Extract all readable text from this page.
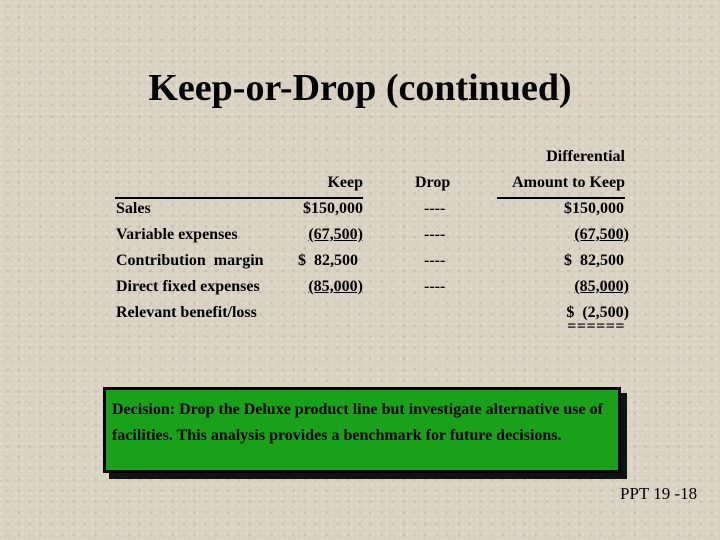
Keep-or-Drop (continued)
Differential
Keep	Drop	Amount to Keep
Sales
Variable expenses
Contribution  margin
Direct fixed expenses
Relevant benefit/loss
$150,000
(67,500)
$  82,500
(85,000)
----
----
----
----
$150,000
(67,500)
$  82,500
(85,000)
$  (2,500)
======
Decision: Drop the Deluxe product line but investigate alternative use of facilities. This analysis provides a benchmark for future decisions.
PPT 19 -18
